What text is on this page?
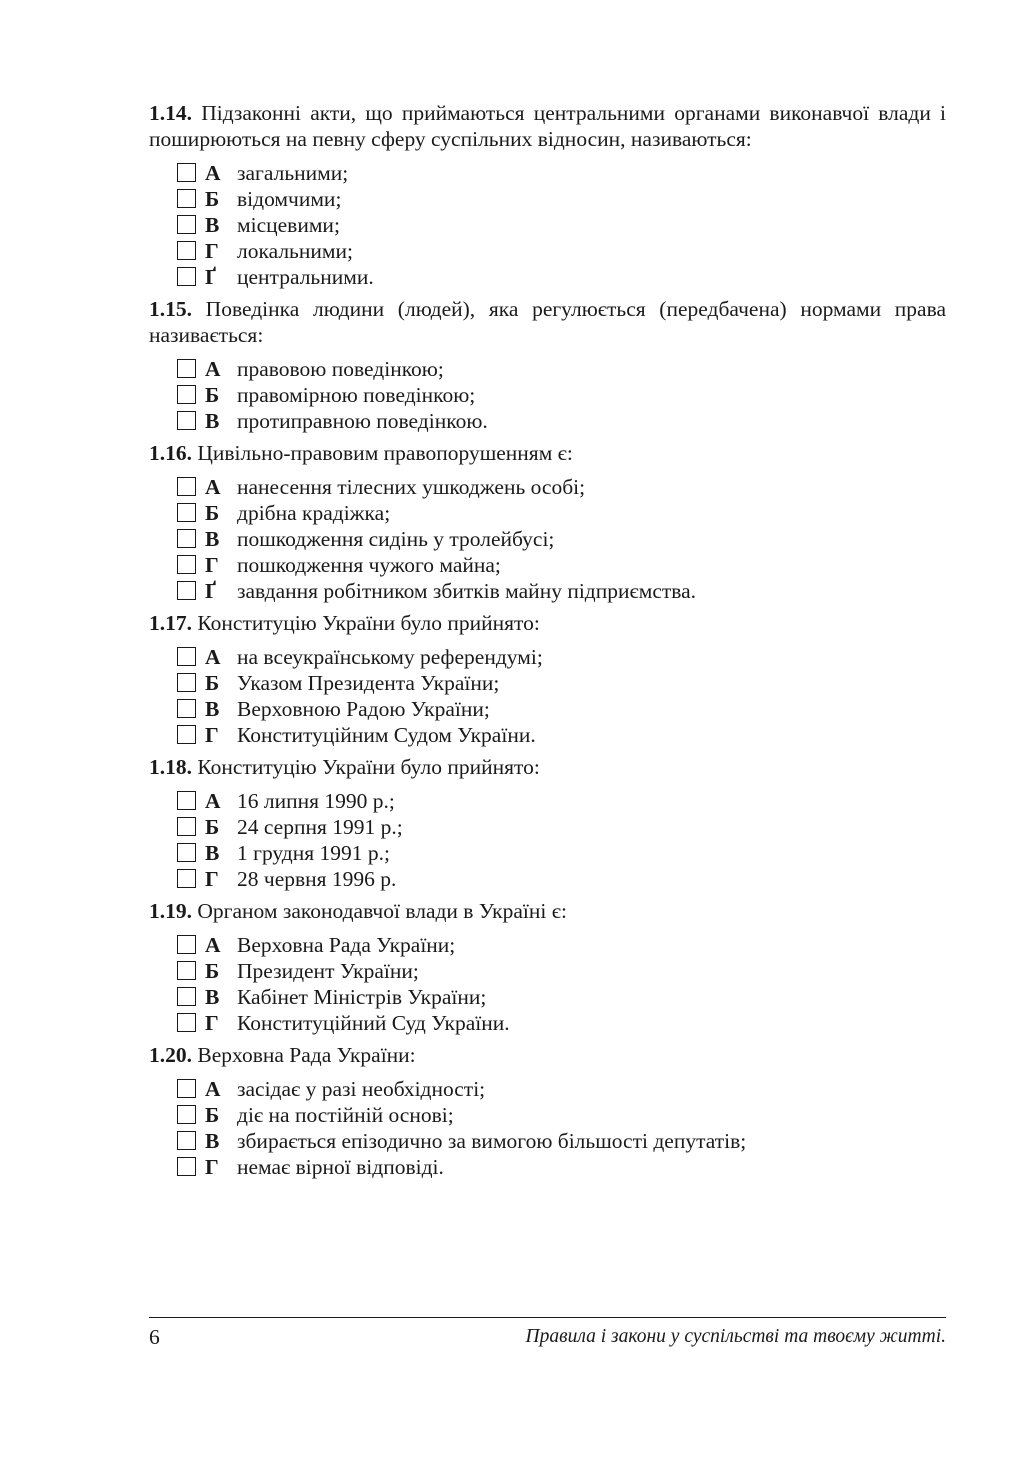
1.14. Підзаконні акти, що приймаються центральними органами виконавчої влади і поширюються на певну сферу суспільних відносин, називаються:

А загальними;
Б відомчими;
В місцевими;
Г локальними;
Ґ центральними.

1.15. Поведінка людини (людей), яка регулюється (передбачена) нормами права називається:

А правовою поведінкою;
Б правомірною поведінкою;
В протиправною поведінкою.

1.16. Цивільно-правовим правопорушенням є:

А нанесення тілесних ушкоджень особі;
Б дрібна крадіжка;
В пошкодження сидінь у тролейбусі;
Г пошкодження чужого майна;
Ґ завдання робітником збитків майну підприємства.

1.17. Конституцію України було прийнято:

А на всеукраїнському референдумі;
Б Указом Президента України;
В Верховною Радою України;
Г Конституційним Судом України.

1.18. Конституцію України було прийнято:

А 16 липня 1990 р.;
Б 24 серпня 1991 р.;
В 1 грудня 1991 р.;
Г 28 червня 1996 р.

1.19. Органом законодавчої влади в Україні є:

А Верховна Рада України;
Б Президент України;
В Кабінет Міністрів України;
Г Конституційний Суд України.

1.20. Верховна Рада України:

А засідає у разі необхідності;
Б діє на постійній основі;
В збирається епізодично за вимогою більшості депутатів;
Г немає вірної відповіді.
6	Правила і закони у суспільстві та твоєму житті.
